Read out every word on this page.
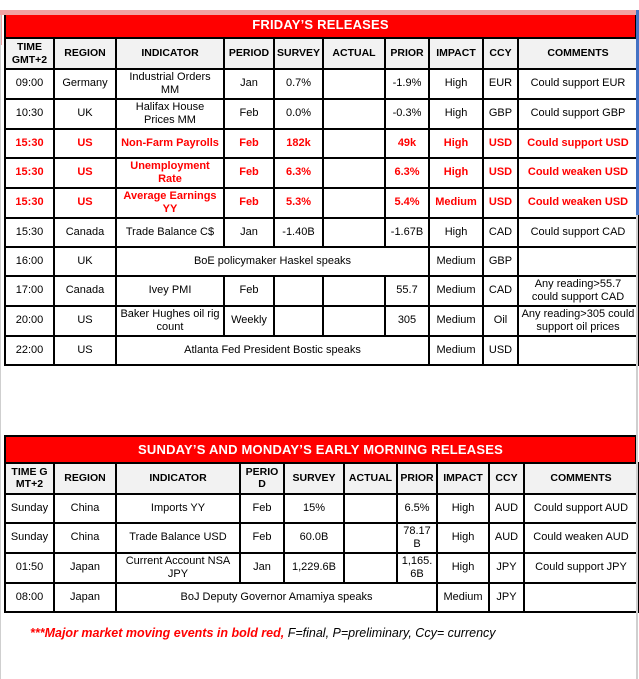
FRIDAY’S RELEASES
TIME GMT+2	REGION	INDICATOR	PERIOD	SURVEY	ACTUAL	PRIOR	IMPACT	CCY	COMMENTS
09:00	Germany	Industrial Orders MM	Jan	0.7%		-1.9%	High	EUR	Could support EUR
10:30	UK	Halifax House Prices MM	Feb	0.0%		-0.3%	High	GBP	Could support GBP
15:30	US	Non-Farm Payrolls	Feb	182k		49k	High	USD	Could support USD
15:30	US	Unemployment Rate	Feb	6.3%		6.3%	High	USD	Could weaken USD
15:30	US	Average Earnings YY	Feb	5.3%		5.4%	Medium	USD	Could weaken USD
15:30	Canada	Trade Balance C$	Jan	-1.40B		-1.67B	High	CAD	Could support CAD
16:00	UK	BoE policymaker Haskel speaks					Medium	GBP	
17:00	Canada	Ivey PMI	Feb			55.7	Medium	CAD	Any reading>55.7 could support CAD
20:00	US	Baker Hughes oil rig count	Weekly			305	Medium	Oil	Any reading>305 could support oil prices
22:00	US	Atlanta Fed President Bostic speaks					Medium	USD	
SUNDAY’S AND MONDAY’S EARLY MORNING RELEASES
TIME GMT+2	REGION	INDICATOR	PERIOD	SURVEY	ACTUAL	PRIOR	IMPACT	CCY	COMMENTS
Sunday	China	Imports YY	Feb	15%		6.5%	High	AUD	Could support AUD
Sunday	China	Trade Balance USD	Feb	60.0B		78.17B	High	AUD	Could weaken AUD
01:50	Japan	Current Account NSA JPY	Jan	1,229.6B		1,165.6B	High	JPY	Could support JPY
08:00	Japan	BoJ Deputy Governor Amamiya speaks					Medium	JPY	
***Major market moving events in bold red, F=final, P=preliminary, Ccy= currency
